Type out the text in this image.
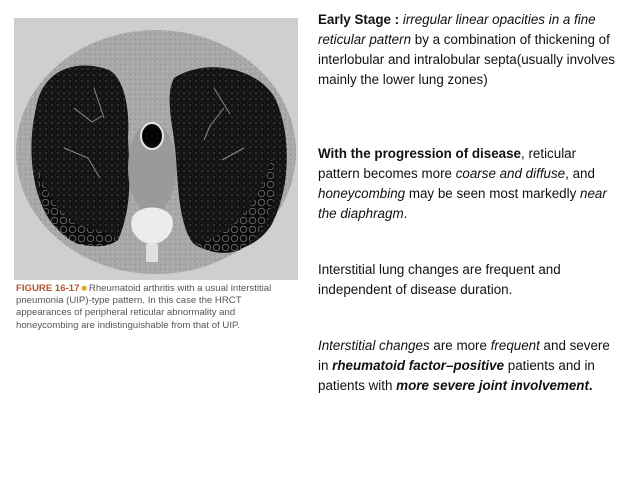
FIGURE 16-17 ■ Rheumatoid arthritis with a usual interstitial pneumonia (UIP)-type pattern. In this case the HRCT appearances of peripheral reticular abnormality and honeycombing are indistinguishable from that of UIP.

Early Stage : irregular linear opacities in a fine reticular pattern by a combination of thickening of interlobular and intralobular septa(usually involves mainly the lower lung zones)

With the progression of disease, reticular pattern becomes more coarse and diffuse, and honeycombing may be seen most markedly near the diaphragm.

Interstitial lung changes are frequent and independent of disease duration.

Interstitial changes are more frequent and severe in rheumatoid factor–positive patients and in patients with more severe joint involvement.
